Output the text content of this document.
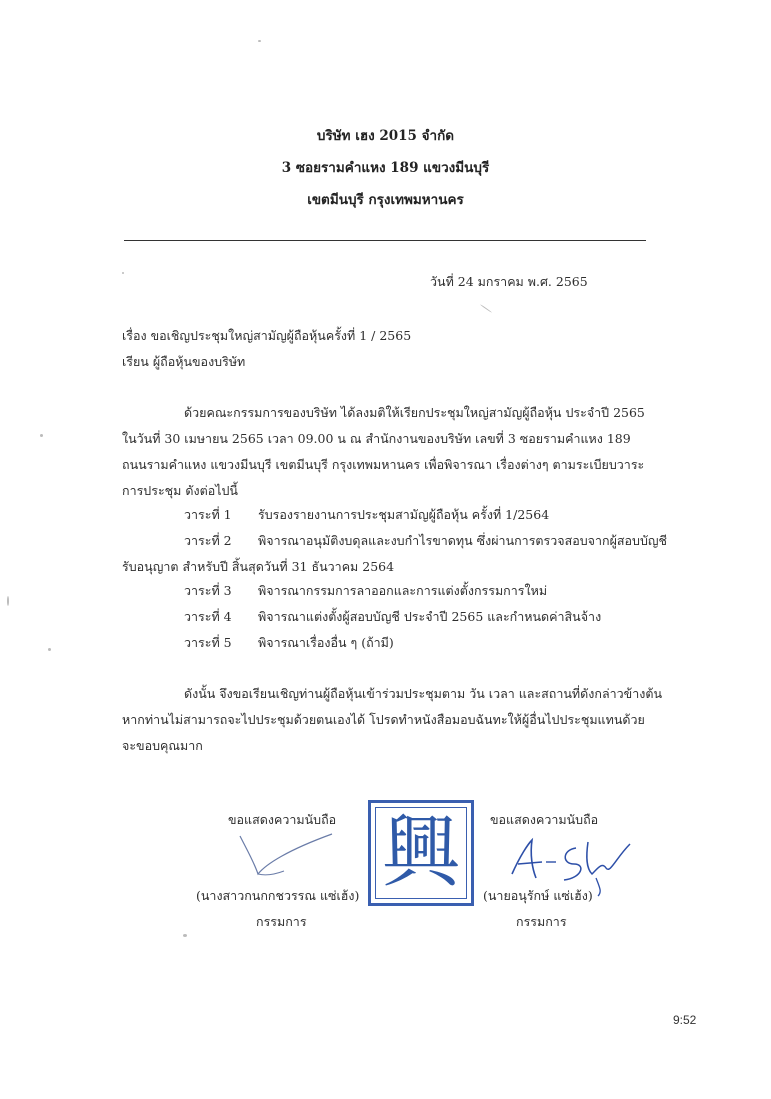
บริษัท เฮง 2015 จำกัด
3 ซอยรามคำแหง 189 แขวงมีนบุรี
เขตมีนบุรี กรุงเทพมหานคร
วันที่ 24 มกราคม พ.ศ. 2565
เรื่อง ขอเชิญประชุมใหญ่สามัญผู้ถือหุ้นครั้งที่ 1 / 2565
เรียน ผู้ถือหุ้นของบริษัท
ด้วยคณะกรรมการของบริษัท ได้ลงมติให้เรียกประชุมใหญ่สามัญผู้ถือหุ้น ประจำปี 2565
ในวันที่ 30 เมษายน 2565 เวลา 09.00 น ณ สำนักงานของบริษัท เลขที่ 3 ซอยรามคำแหง 189
ถนนรามคำแหง แขวงมีนบุรี เขตมีนบุรี กรุงเทพมหานคร เพื่อพิจารณา เรื่องต่างๆ ตามระเบียบวาระ
การประชุม ดังต่อไปนี้
วาระที่ 1 รับรองรายงานการประชุมสามัญผู้ถือหุ้น ครั้งที่ 1/2564
วาระที่ 2 พิจารณาอนุมัติงบดุลและงบกำไรขาดทุน ซึ่งผ่านการตรวจสอบจากผู้สอบบัญชี
รับอนุญาต สำหรับปี สิ้นสุดวันที่ 31 ธันวาคม 2564
วาระที่ 3 พิจารณากรรมการลาออกและการแต่งตั้งกรรมการใหม่
วาระที่ 4 พิจารณาแต่งตั้งผู้สอบบัญชี ประจำปี 2565 และกำหนดค่าสินจ้าง
วาระที่ 5 พิจารณาเรื่องอื่น ๆ (ถ้ามี)
ดังนั้น จึงขอเรียนเชิญท่านผู้ถือหุ้นเข้าร่วมประชุมตาม วัน เวลา และสถานที่ดังกล่าวข้างต้น
หากท่านไม่สามารถจะไปประชุมด้วยตนเองได้ โปรดทำหนังสือมอบฉันทะให้ผู้อื่นไปประชุมแทนด้วย
จะขอบคุณมาก
ขอแสดงความนับถือ
(นางสาวกนกกชวรรณ แซ่เฮ้ง)
กรรมการ
興	ขอแสดงความนับถือ
(นายอนุรักษ์ แซ่เฮ้ง)
กรรมการ
9:52
